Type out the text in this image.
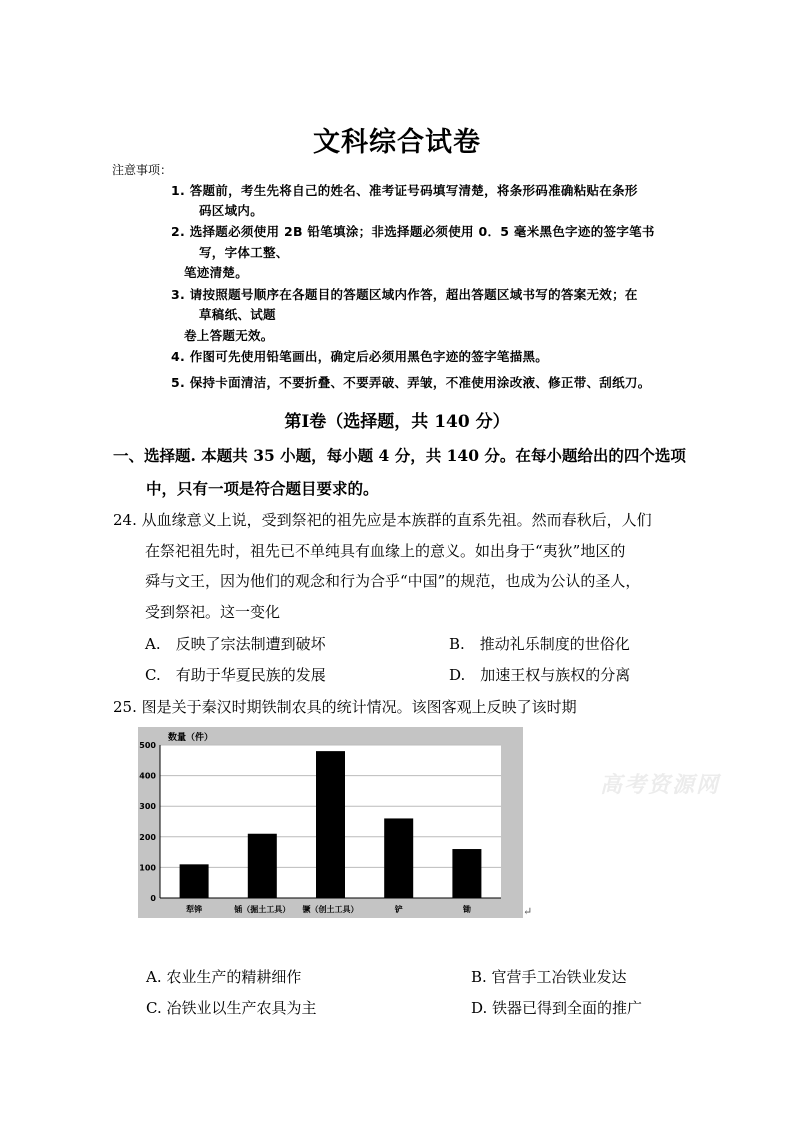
文科综合试卷
注意事项：
1. 答题前，考生先将自己的姓名、准考证号码填写清楚，将条形码准确粘贴在条形
码区域内。
2. 选择题必须使用 2B 铅笔填涂；非选择题必须使用 0．5 毫米黑色字迹的签字笔书
写，字体工整、
笔迹清楚。
3. 请按照题号顺序在各题目的答题区域内作答，超出答题区域书写的答案无效；在
草稿纸、试题
卷上答题无效。
4. 作图可先使用铅笔画出，确定后必须用黑色字迹的签字笔描黑。
5. 保持卡面清洁，不要折叠、不要弄破、弄皱，不准使用涂改液、修正带、刮纸刀。
第Ⅰ卷（选择题，共 140 分）
一、选择题. 本题共 35 小题，每小题 4 分，共 140 分。在每小题给出的四个选项
中，只有一项是符合题目要求的。
24. 从血缘意义上说，受到祭祀的祖先应是本族群的直系先祖。然而春秋后，人们
在祭祀祖先时，祖先已不单纯具有血缘上的意义。如出身于“夷狄”地区的
舜与文王，因为他们的观念和行为合乎“中国”的规范，也成为公认的圣人，
受到祭祀。这一变化
A.　反映了宗法制遭到破坏	B.　推动礼乐制度的世俗化
C.　有助于华夏民族的发展	D.　加速王权与族权的分离
25. 图是关于秦汉时期铁制农具的统计情况。该图客观上反映了该时期
0
100
200
300
400
500
数量（件）
犁铧	锸（掘土工具） 镢（创土工具）	铲	锄	↵
高考资源网
A. 农业生产的精耕细作	B. 官营手工冶铁业发达
C. 冶铁业以生产农具为主	D. 铁器已得到全面的推广
